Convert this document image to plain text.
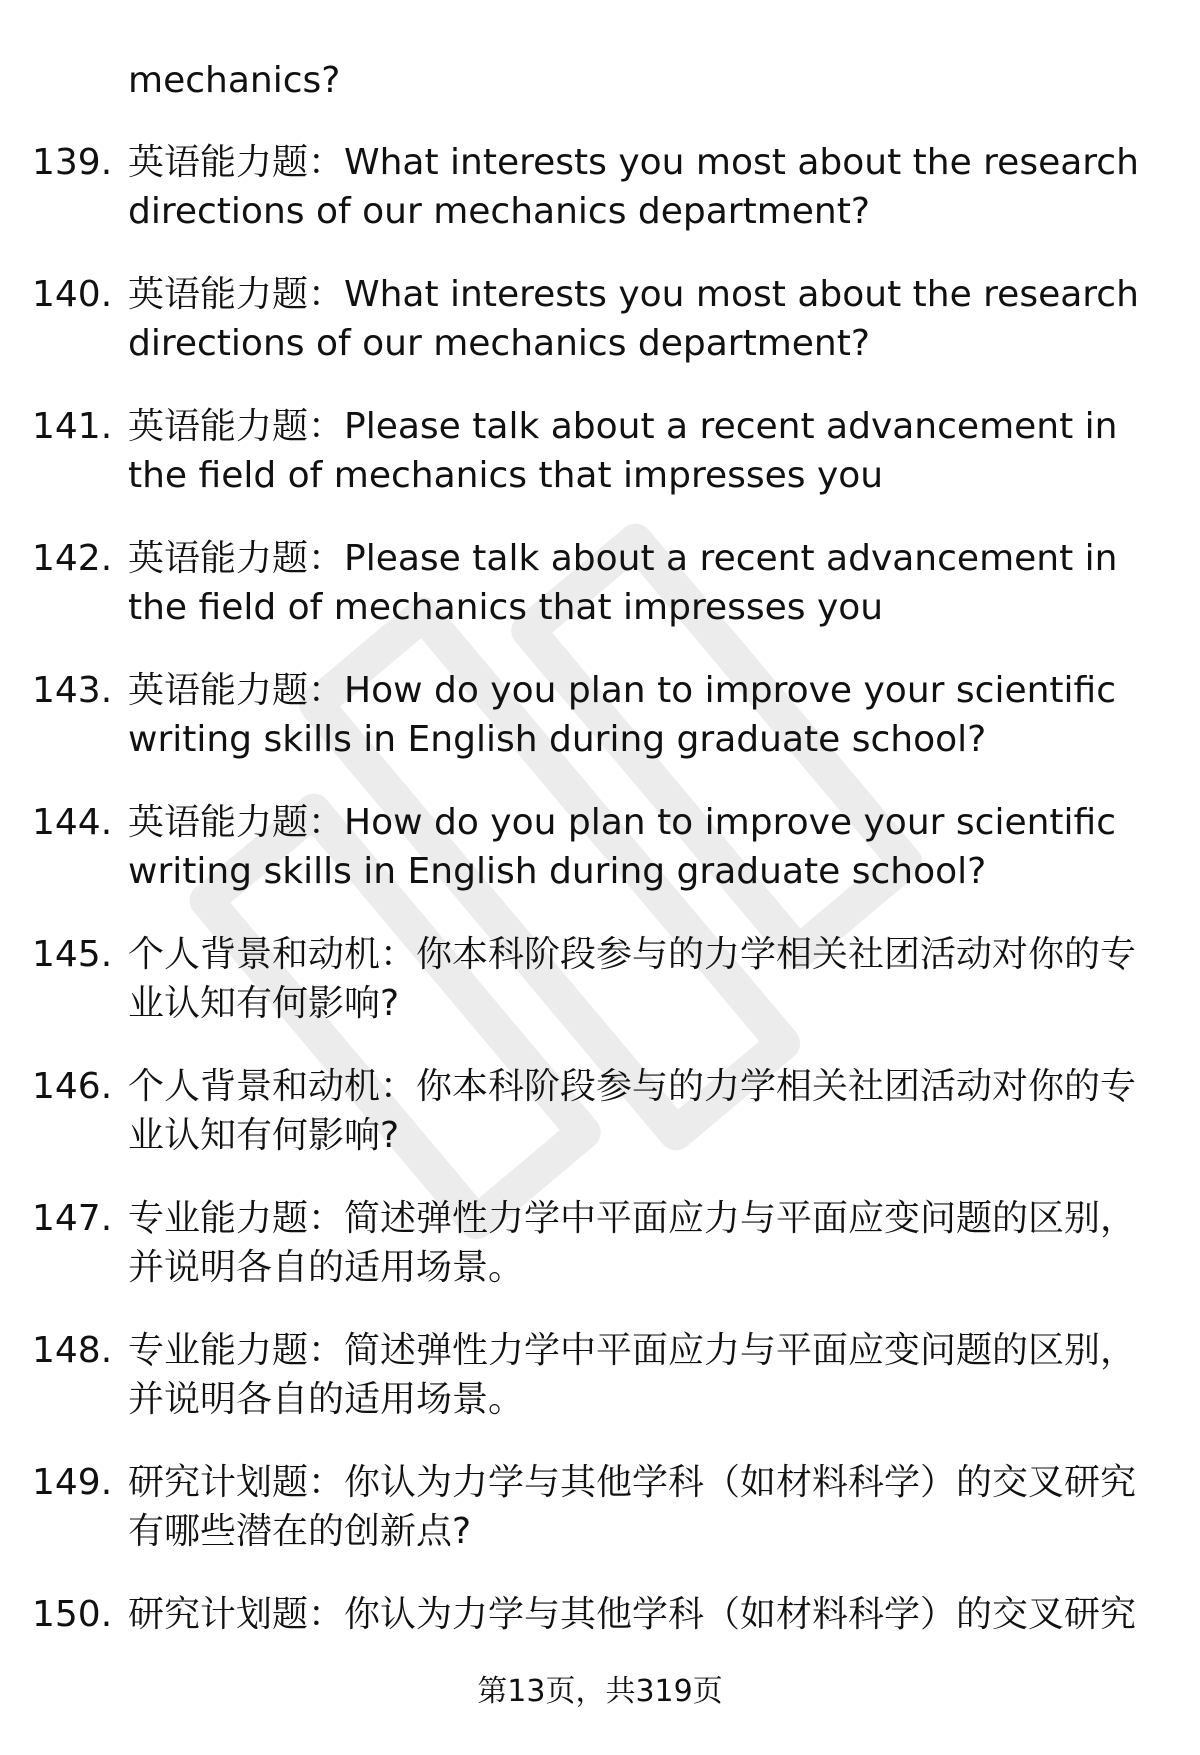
mechanics?
139. 英语能力题：What interests you most about the research directions of our mechanics department?
140. 英语能力题：What interests you most about the research directions of our mechanics department?
141. 英语能力题：Please talk about a recent advancement in the field of mechanics that impresses you
142. 英语能力题：Please talk about a recent advancement in the field of mechanics that impresses you
143. 英语能力题：How do you plan to improve your scientific writing skills in English during graduate school?
144. 英语能力题：How do you plan to improve your scientific writing skills in English during graduate school?
145. 个人背景和动机：你本科阶段参与的力学相关社团活动对你的专业认知有何影响?
146. 个人背景和动机：你本科阶段参与的力学相关社团活动对你的专业认知有何影响?
147. 专业能力题：简述弹性力学中平面应力与平面应变问题的区别，并说明各自的适用场景。
148. 专业能力题：简述弹性力学中平面应力与平面应变问题的区别，并说明各自的适用场景。
149. 研究计划题：你认为力学与其他学科（如材料科学）的交叉研究有哪些潜在的创新点?
150. 研究计划题：你认为力学与其他学科（如材料科学）的交叉研究
第13页，共319页
